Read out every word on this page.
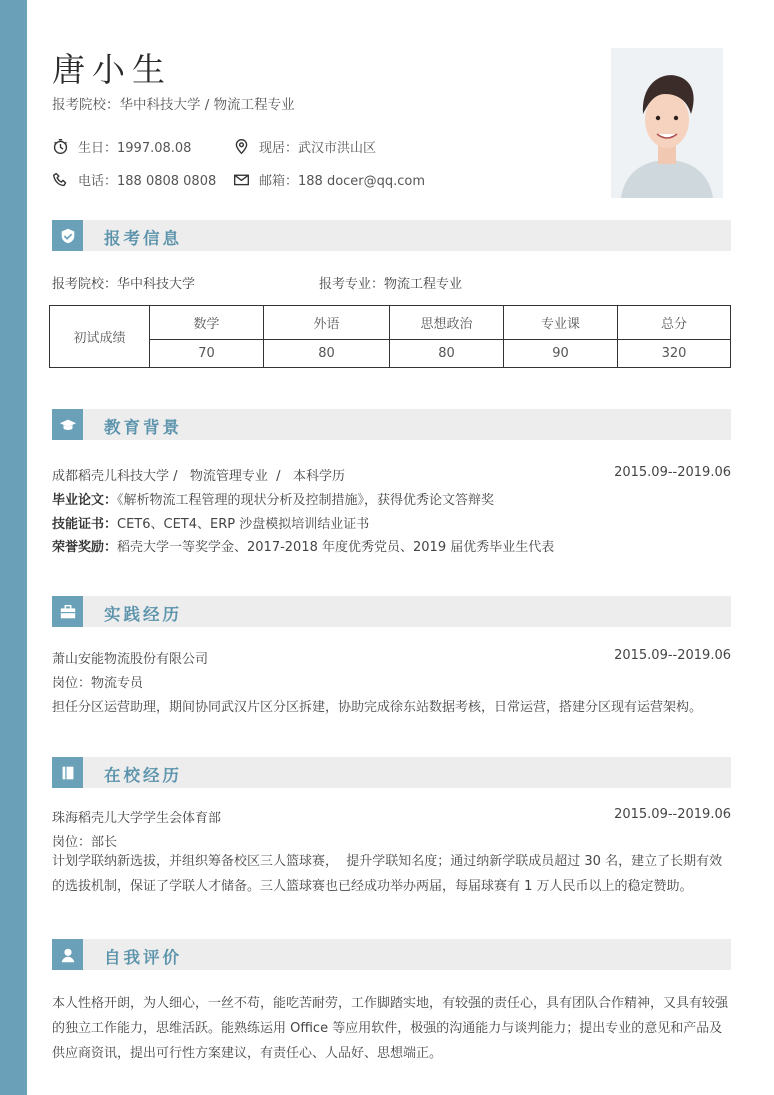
唐小生
报考院校：华中科技大学 / 物流工程专业
生日：1997.08.08	现居：武汉市洪山区
电话：188 0808 0808	邮箱：188 docer@qq.com
报考信息
报考院校：华中科技大学	报考专业：物流工程专业
初试成绩	数学	外语	思想政治	专业课	总分
	70	80	80	90	320
教育背景
成都稻壳儿科技大学 /   物流管理专业  /   本科学历	2015.09--2019.06
毕业论文：《解析物流工程管理的现状分析及控制措施》，获得优秀论文答辩奖
技能证书：CET6、CET4、ERP 沙盘模拟培训结业证书
荣誉奖励：稻壳大学一等奖学金、2017-2018 年度优秀党员、2019 届优秀毕业生代表
实践经历
萧山安能物流股份有限公司	2015.09--2019.06
岗位：物流专员
担任分区运营助理，期间协同武汉片区分区拆建，协助完成徐东站数据考核，日常运营，搭建分区现有运营架构。
在校经历
珠海稻壳儿大学学生会体育部	2015.09--2019.06
岗位：部长
计划学联纳新选拔，并组织筹备校区三人篮球赛，  提升学联知名度；通过纳新学联成员超过 30 名，建立了长期有效的选拔机制，保证了学联人才储备。三人篮球赛也已经成功举办两届，每届球赛有 1 万人民币以上的稳定赞助。
自我评价
本人性格开朗，为人细心，一丝不苟，能吃苦耐劳，工作脚踏实地，有较强的责任心，具有团队合作精神，又具有较强的独立工作能力，思维活跃。能熟练运用 Office 等应用软件，极强的沟通能力与谈判能力；提出专业的意见和产品及供应商资讯，提出可行性方案建议，有责任心、人品好、思想端正。
